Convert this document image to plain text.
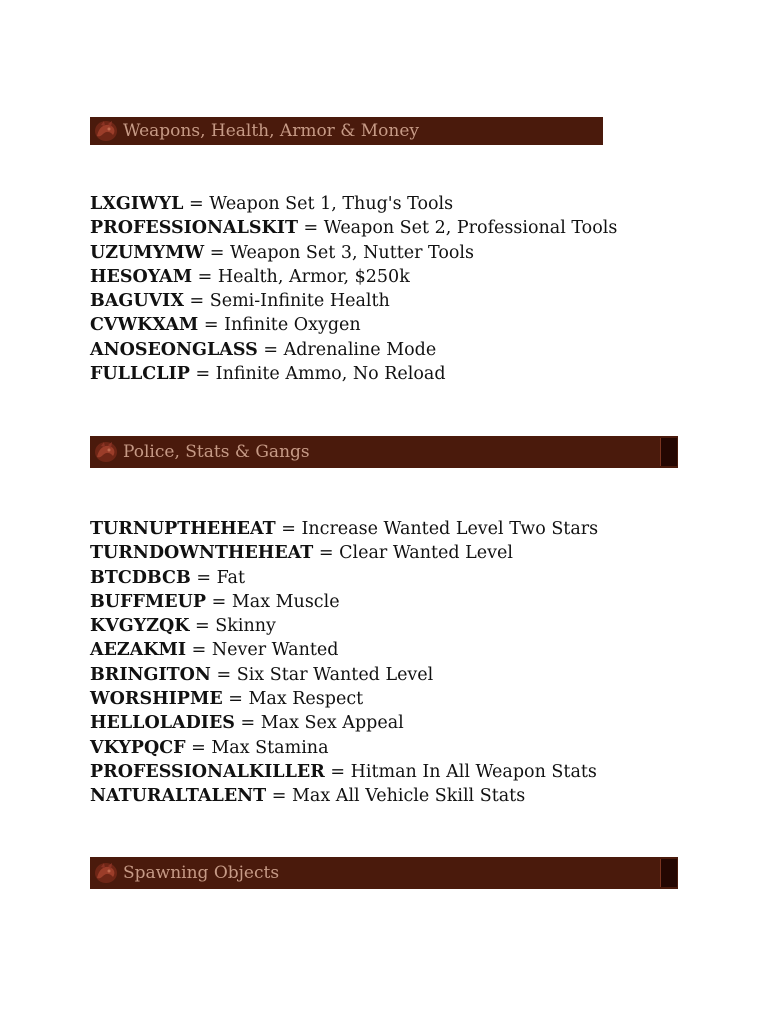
Weapons, Health, Armor & Money
LXGIWYL = Weapon Set 1, Thug's Tools
PROFESSIONALSKIT = Weapon Set 2, Professional Tools
UZUMYMW = Weapon Set 3, Nutter Tools
HESOYAM = Health, Armor, $250k
BAGUVIX = Semi-Infinite Health
CVWKXAM = Infinite Oxygen
ANOSEONGLASS = Adrenaline Mode
FULLCLIP = Infinite Ammo, No Reload
Police, Stats & Gangs
TURNUPTHEHEAT = Increase Wanted Level Two Stars
TURNDOWNTHEHEAT = Clear Wanted Level
BTCDBCB = Fat
BUFFMEUP = Max Muscle
KVGYZQK = Skinny
AEZAKMI = Never Wanted
BRINGITON = Six Star Wanted Level
WORSHIPME = Max Respect
HELLOLADIES = Max Sex Appeal
VKYPQCF = Max Stamina
PROFESSIONALKILLER = Hitman In All Weapon Stats
NATURALTALENT = Max All Vehicle Skill Stats
Spawning Objects
